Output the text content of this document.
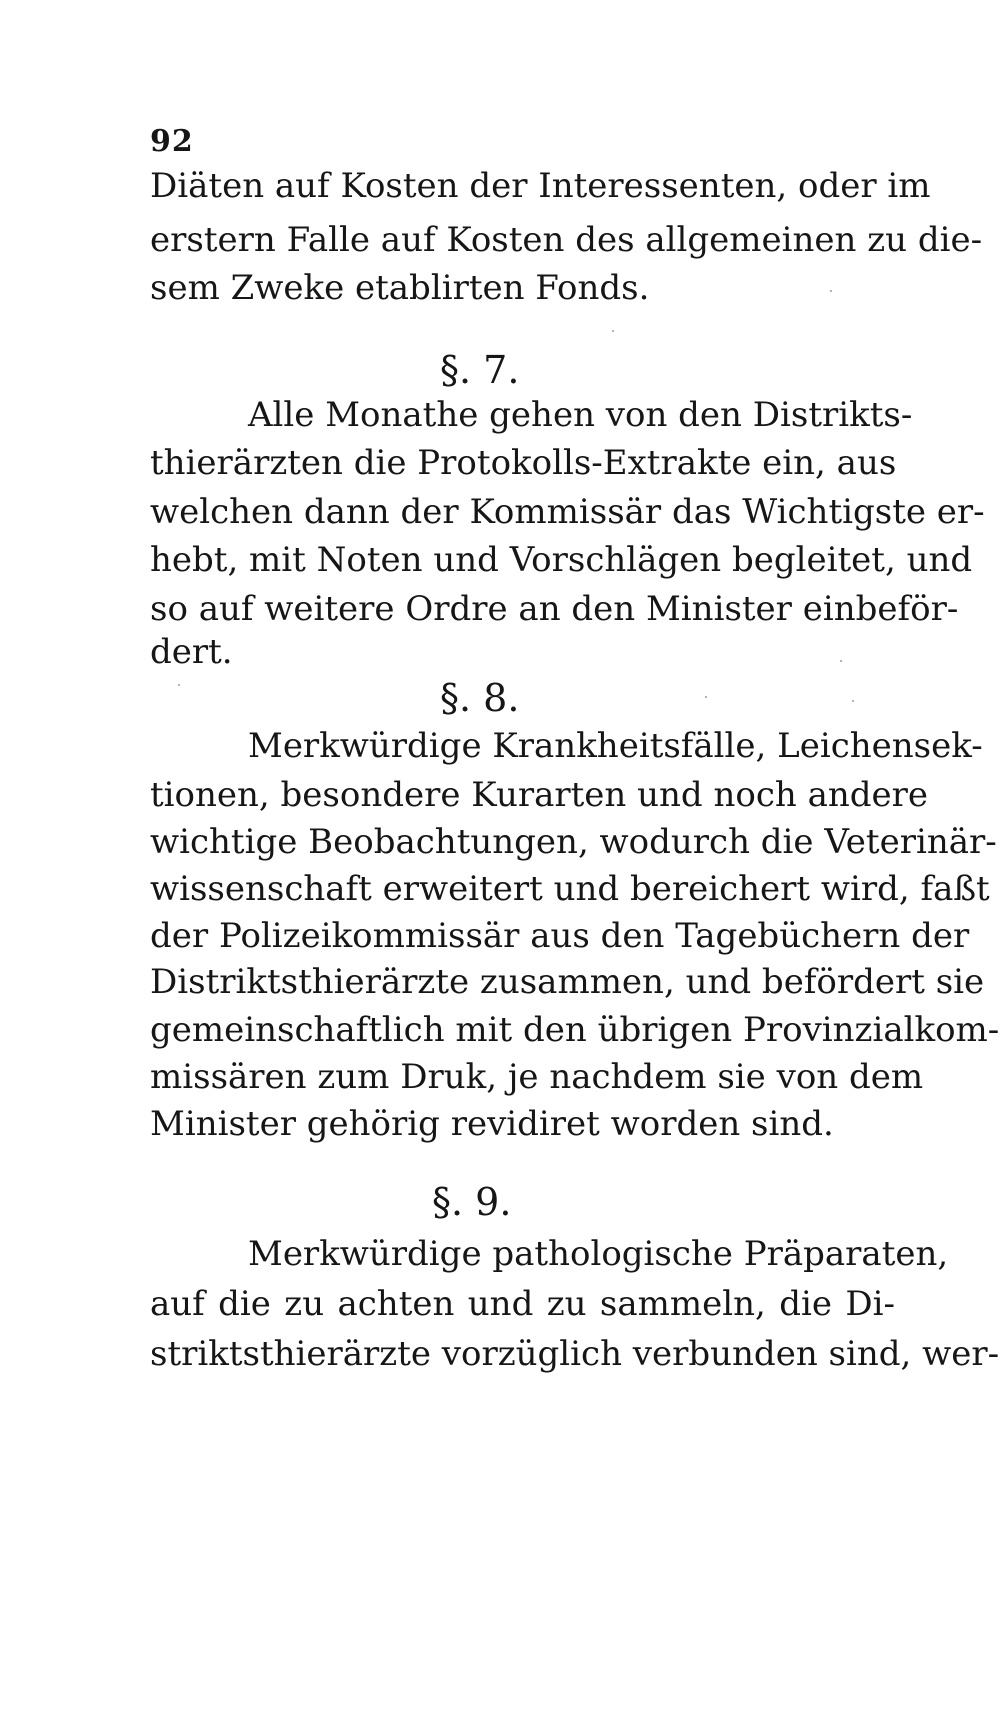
92
Diäten auf Kosten der Interessenten, oder im
erstern Falle auf Kosten des allgemeinen zu die-
sem Zweke etablirten Fonds.
§. 7.
Alle Monathe gehen von den Distrikts-
thierärzten die Protokolls-Extrakte ein, aus
welchen dann der Kommissär das Wichtigste er-
hebt, mit Noten und Vorschlägen begleitet, und
so auf weitere Ordre an den Minister einbeför-
dert.
§. 8.
Merkwürdige Krankheitsfälle, Leichensek-
tionen, besondere Kurarten und noch andere
wichtige Beobachtungen, wodurch die Veterinär-
wissenschaft erweitert und bereichert wird, faßt
der Polizeikommissär aus den Tagebüchern der
Distriktsthierärzte zusammen, und befördert sie
gemeinschaftlich mit den übrigen Provinzialkom-
missären zum Druk, je nachdem sie von dem
Minister gehörig revidiret worden sind.
§. 9.
Merkwürdige pathologische Präparaten,
auf die zu achten und zu sammeln, die Di-
striktsthierärzte vorzüglich verbunden sind, wer-
